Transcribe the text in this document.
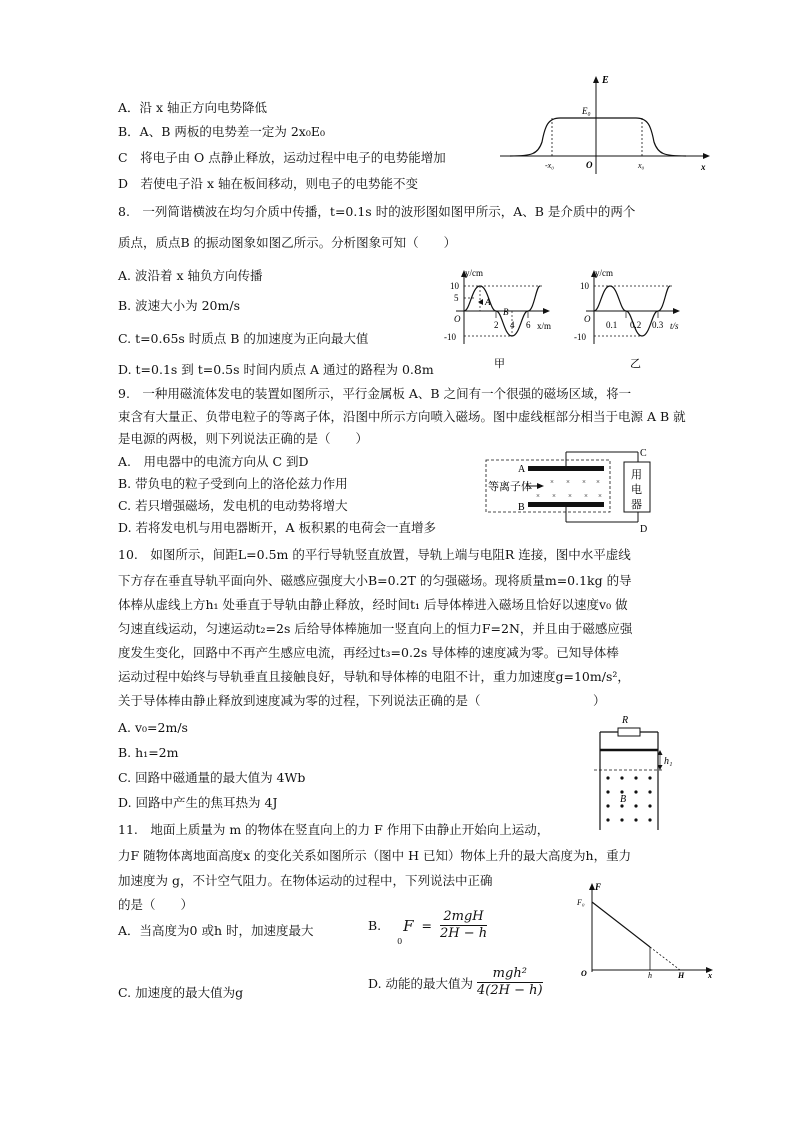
A．沿 x 轴正方向电势降低
B．A、B 两板的电势差一定为 2x₀E₀
C　将电子由 O 点静止释放，运动过程中电子的电势能增加
D　若使电子沿 x 轴在板间移动，则电子的电势能不变
E
E₀
-x₀	O	x₀	x
8.　一列简谐横波在均匀介质中传播，t=0.1s 时的波形图如图甲所示，A、B 是介质中的两个
质点，质点B 的振动图象如图乙所示。分析图象可知（　　）
A. 波沿着 x 轴负方向传播
B. 波速大小为 20m/s
C. t=0.65s 时质点 B 的加速度为正向最大值
D. t=0.1s 到 t=0.5s 时间内质点 A 通过的路程为 0.8m
y/cm
10
5
O
-10
A
B
2 4 6 x/m
甲
y/cm
10
O
-10
0.1 0.2 0.3 t/s
乙
9.　一种用磁流体发电的装置如图所示，平行金属板 A、B 之间有一个很强的磁场区域，将一
束含有大量正、负带电粒子的等离子体，沿图中所示方向喷入磁场。图中虚线框部分相当于电源 A B 就
是电源的两极，则下列说法正确的是（　　）
A.　用电器中的电流方向从 C 到D
B. 带负电的粒子受到向上的洛伦兹力作用
C. 若只增强磁场，发电机的电动势将增大
D. 若将发电机与用电器断开，A 板积累的电荷会一直增多
等离子体
A
B
C
D
× × × ×
× × × × ×
用
电
器
用电器
10.　如图所示，间距L=0.5m 的平行导轨竖直放置，导轨上端与电阻R 连接，图中水平虚线
下方存在垂直导轨平面向外、磁感应强度大小B=0.2T 的匀强磁场。现将质量m=0.1kg 的导
体棒从虚线上方h₁ 处垂直于导轨由静止释放，经时间t₁ 后导体棒进入磁场且恰好以速度v₀ 做
匀速直线运动，匀速运动t₂=2s 后给导体棒施加一竖直向上的恒力F=2N，并且由于磁感应强
度发生变化，回路中不再产生感应电流，再经过t₃=0.2s 导体棒的速度减为零。已知导体棒
运动过程中始终与导轨垂直且接触良好，导轨和导体棒的电阻不计，重力加速度g=10m/s²，
关于导体棒由静止释放到速度减为零的过程，下列说法正确的是（　　　　　　　　　）
A. v₀=2m/s
B. h₁=2m
C. 回路中磁通量的最大值为 4Wb
D. 回路中产生的焦耳热为 4J
R
h₁
B
11.　地面上质量为 m 的物体在竖直向上的力 F 作用下由静止开始向上运动，
力F 随物体离地面高度x 的变化关系如图所示（图中 H 已知）物体上升的最大高度为h，重力
加速度为 g，不计空气阻力。在物体运动的过程中，下列说法中正确
的是（　　）
A．当高度为0 或h 时，加速度最大	B. F
0
= $\frac{\text{2mgH}}{2H - h}$
C. 加速度的最大值为g
D. 动能的最大值为 $\frac{\text{mgh²}}{4(2H - h)}$
F
F₀
O	h	H	x
